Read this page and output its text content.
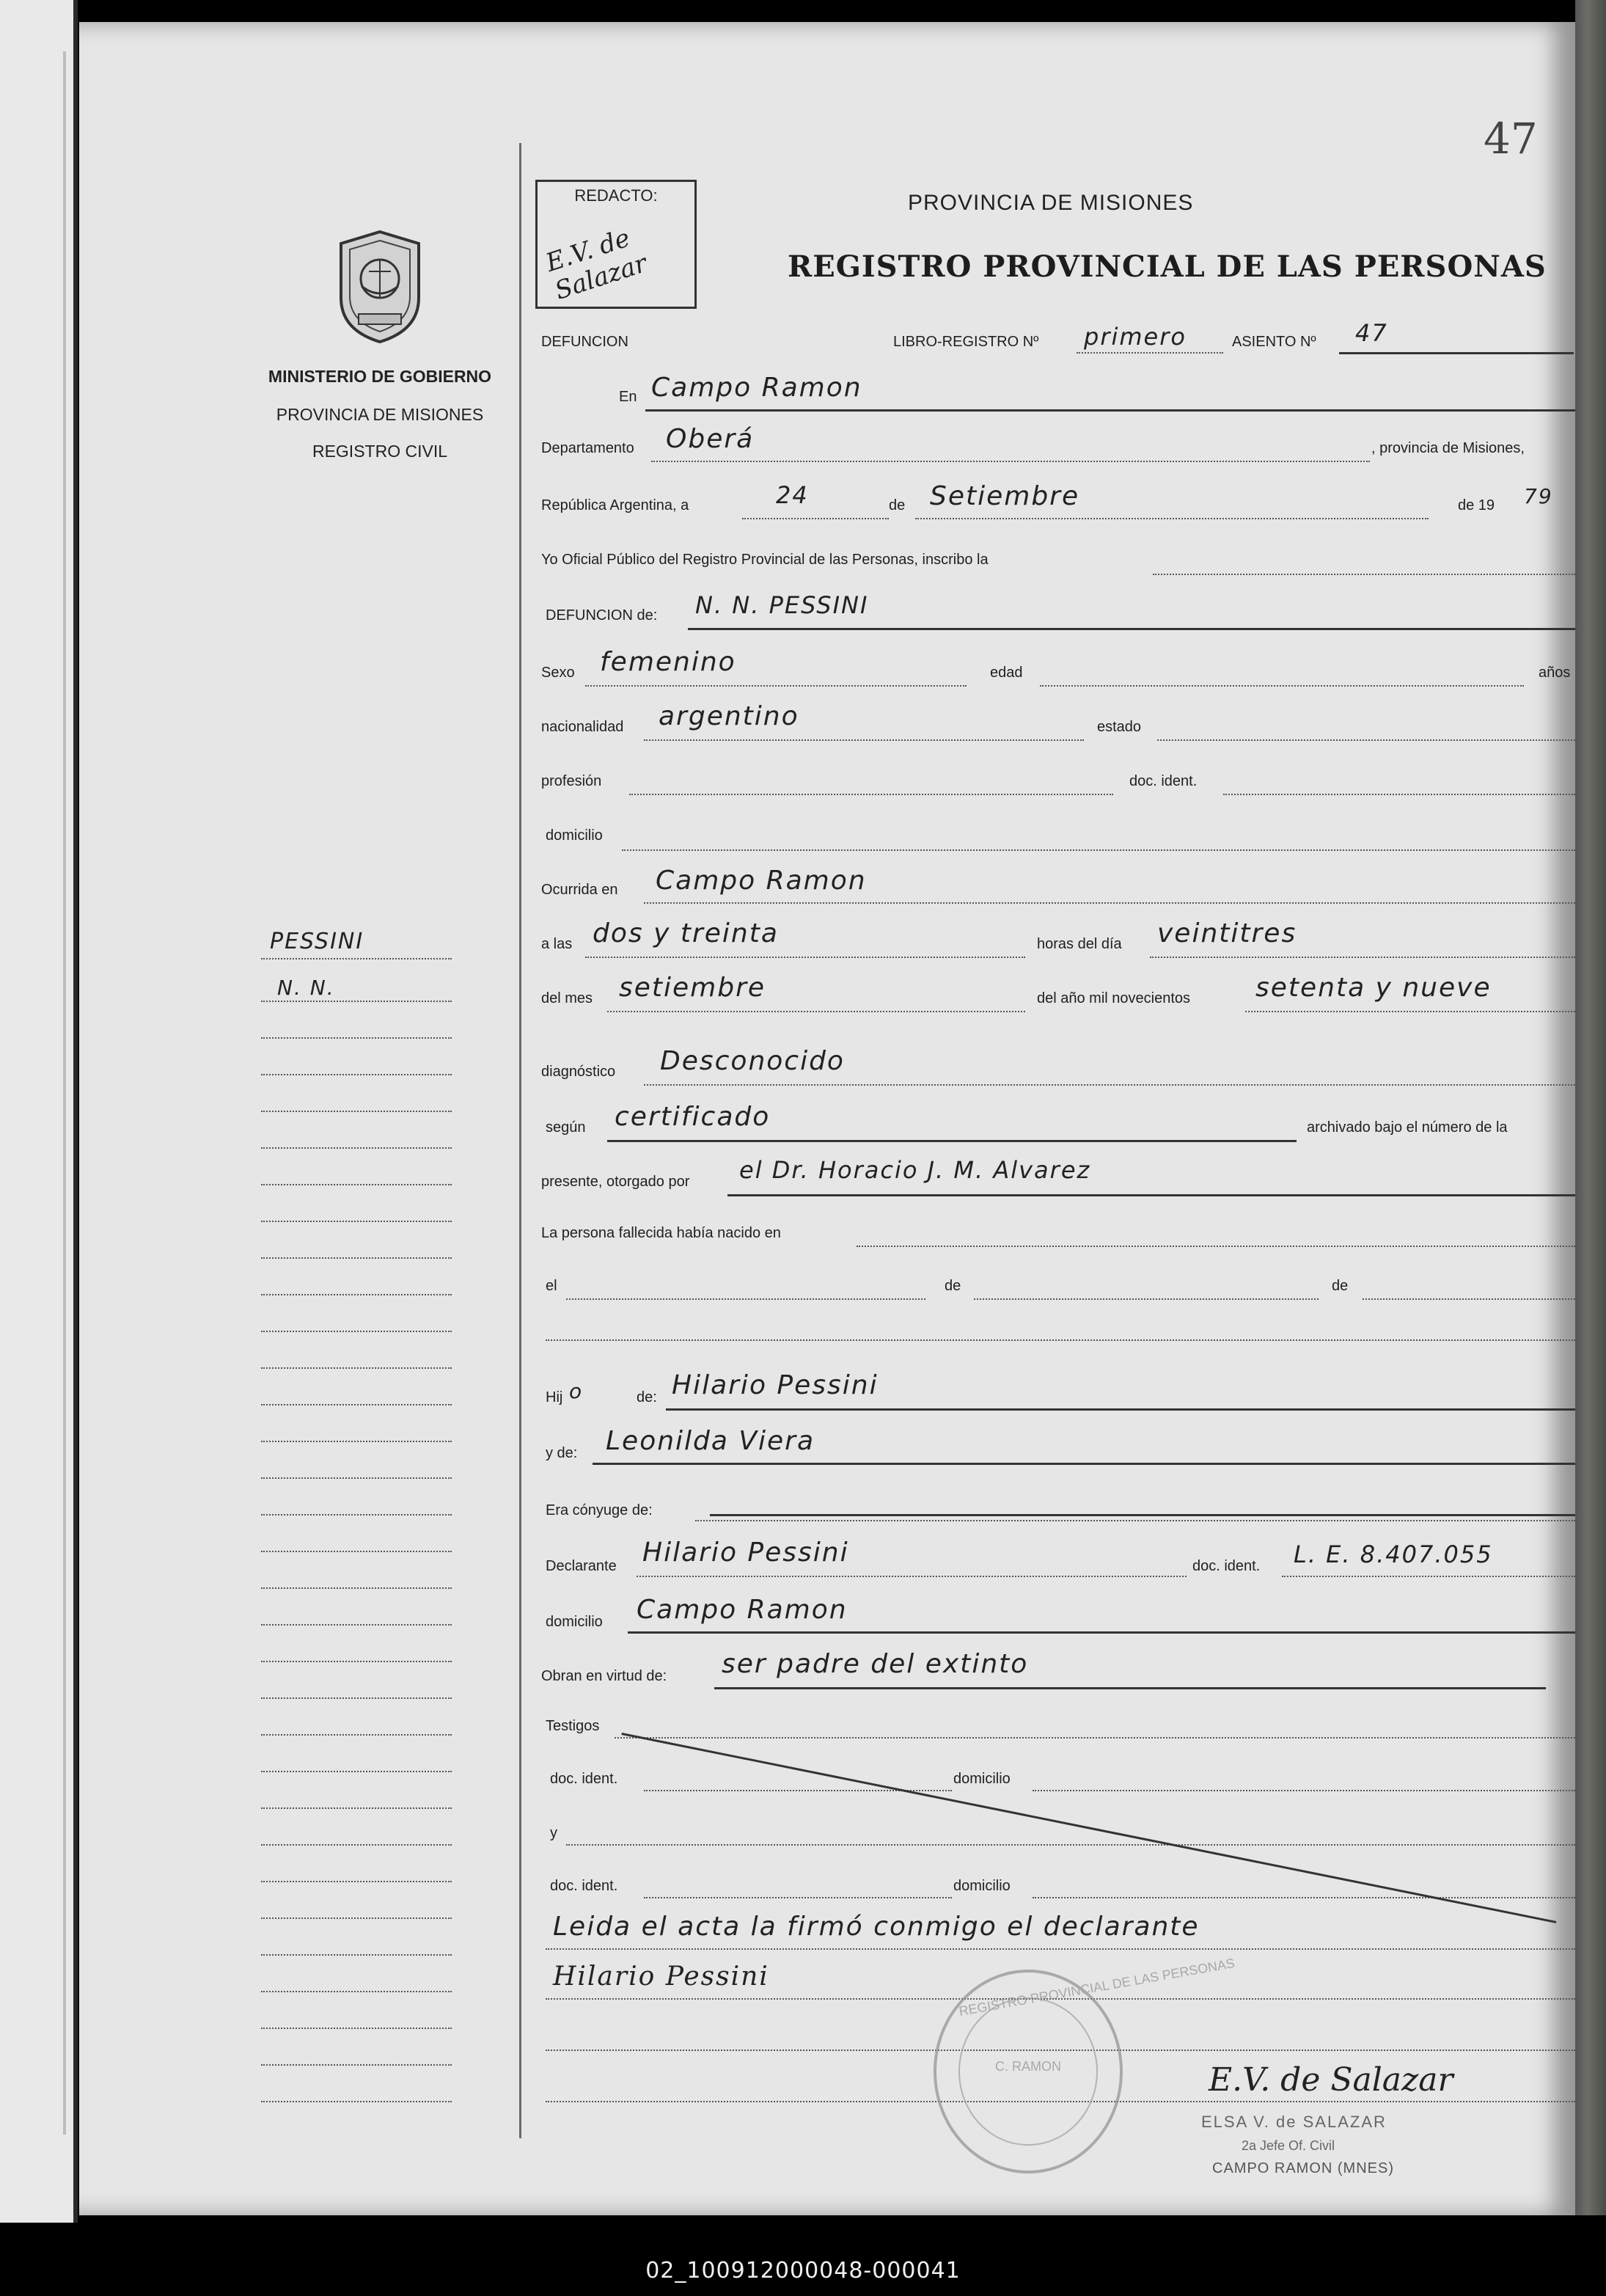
47
MINISTERIO DE GOBIERNO
PROVINCIA DE MISIONES
REGISTRO CIVIL
PESSINI
N. N.
REDACTO:
E.V. de Salazar
PROVINCIA DE MISIONES
REGISTRO PROVINCIAL DE LAS PERSONAS
DEFUNCION	LIBRO-REGISTRO Nº primero	ASIENTO Nº 47
En Campo Ramon
Departamento Oberá	, provincia de Misiones,
República Argentina, a	24	de Setiembre	de 19 79
Yo Oficial Público del Registro Provincial de las Personas, inscribo la
DEFUNCION de: N. N. PESSINI
Sexo femenino	edad	años
nacionalidad argentino	estado
profesión	doc. ident.
domicilio
Ocurrida en Campo Ramon
a las dos y treinta	horas del día veintitres
del mes setiembre	del año mil novecientos setenta y nueve
diagnóstico Desconocido
según certificado	archivado bajo el número de la
presente, otorgado por el Dr. Horacio J. M. Alvarez
La persona fallecida había nacido en
el	de	de
Hij o	de: Hilario Pessini
y de: Leonilda Viera
Era cónyuge de:
Declarante Hilario Pessini	doc. ident. L. E. 8.407.055
domicilio Campo Ramon
Obran en virtud de: ser padre del extinto
Testigos
doc. ident.	domicilio
y
doc. ident.	domicilio
Leida el acta la firmó conmigo el declarante
Hilario Pessini	REGISTRO PROVINCIAL DE LAS PERSONAS
C. RAMON	E.V. de Salazar
ELSA V. de SALAZAR
2a Jefe Of. Civil
CAMPO RAMON (MNES)
02_100912000048-000041
